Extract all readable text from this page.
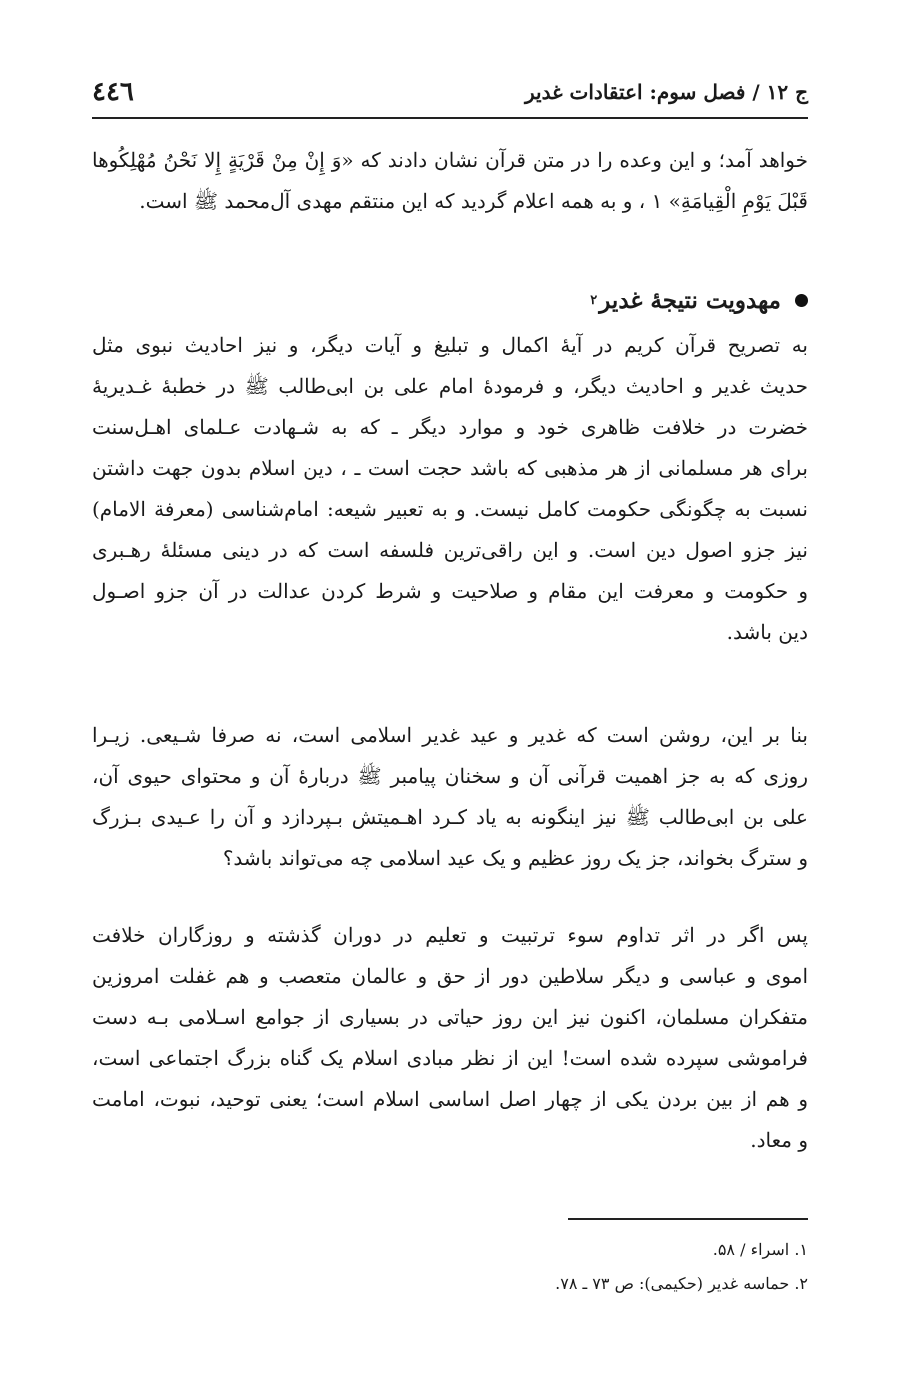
ج ۱۲ / فصل سوم: اعتقادات غدیر
٤٤٦

خواهد آمد؛ و این وعده را در متن قرآن نشان دادند که «وَ إِنْ مِنْ قَرْيَةٍ إِلا نَحْنُ مُهْلِكُوها
قَبْلَ يَوْمِ الْقِيامَةِ» ۱ ، و به همه اعلام گردید که این منتقم مهدی آل‌محمد ﷺ است.

مهدویت نتیجهٔ غدیر
۲

به تصریح قرآن کریم در آیهٔ اکمال و تبلیغ و آیات دیگر، و نیز احادیث نبوی مثل
حدیث غدیر و احادیث دیگر، و فرمودهٔ امام علی بن ابی‌طالب ﷺ در خطبهٔ غـدیریهٔ
خضرت در خلافت ظاهری خود و موارد دیگر ـ که به شـهادت عـلمای اهـل‌سنت
برای هر مسلمانی از هر مذهبی که باشد حجت است ـ ، دین اسلام بدون جهت داشتن
نسبت به چگونگی حکومت کامل نیست. و به تعبیر شیعه: امام‌شناسی (معرفة الامام)
نیز جزو اصول دین است. و این راقی‌ترین فلسفه است که در دینی مسئلهٔ رهـبری
و حکومت و معرفت این مقام و صلاحیت و شرط کردن عدالت در آن جزو اصـول
دین باشد.

بنا بر این، روشن است که غدیر و عید غدیر اسلامی است، نه صرفا شـیعی. زیـرا
روزی که به جز اهمیت قرآنی آن و سخنان پیامبر ﷺ دربارهٔ آن و محتوای حیوی آن،
علی بن ابی‌طالب ﷺ نیز اینگونه به یاد کـرد اهـمیتش بـپردازد و آن را عـیدی بـزرگ
و سترگ بخواند، جز یک روز عظیم و یک عید اسلامی چه می‌تواند باشد؟

پس اگر در اثر تداوم سوء ترتبیت و تعلیم در دوران گذشته و روزگاران خلافت
اموی و عباسی و دیگر سلاطین دور از حق و عالمان متعصب و هم غفلت امروزین
متفکران مسلمان، اکنون نیز این روز حیاتی در بسیاری از جوامع اسـلامی بـه دست
فراموشی سپرده شده است! این از نظر مبادی اسلام یک گناه بزرگ اجتماعی است،
و هم از بین بردن یکی از چهار اصل اساسی اسلام است؛ یعنی توحید، نبوت، امامت
و معاد.

۱. اسراء / ۵۸.
۲. حماسه غدیر (حکیمی): ص ۷۳ ـ ۷۸.
